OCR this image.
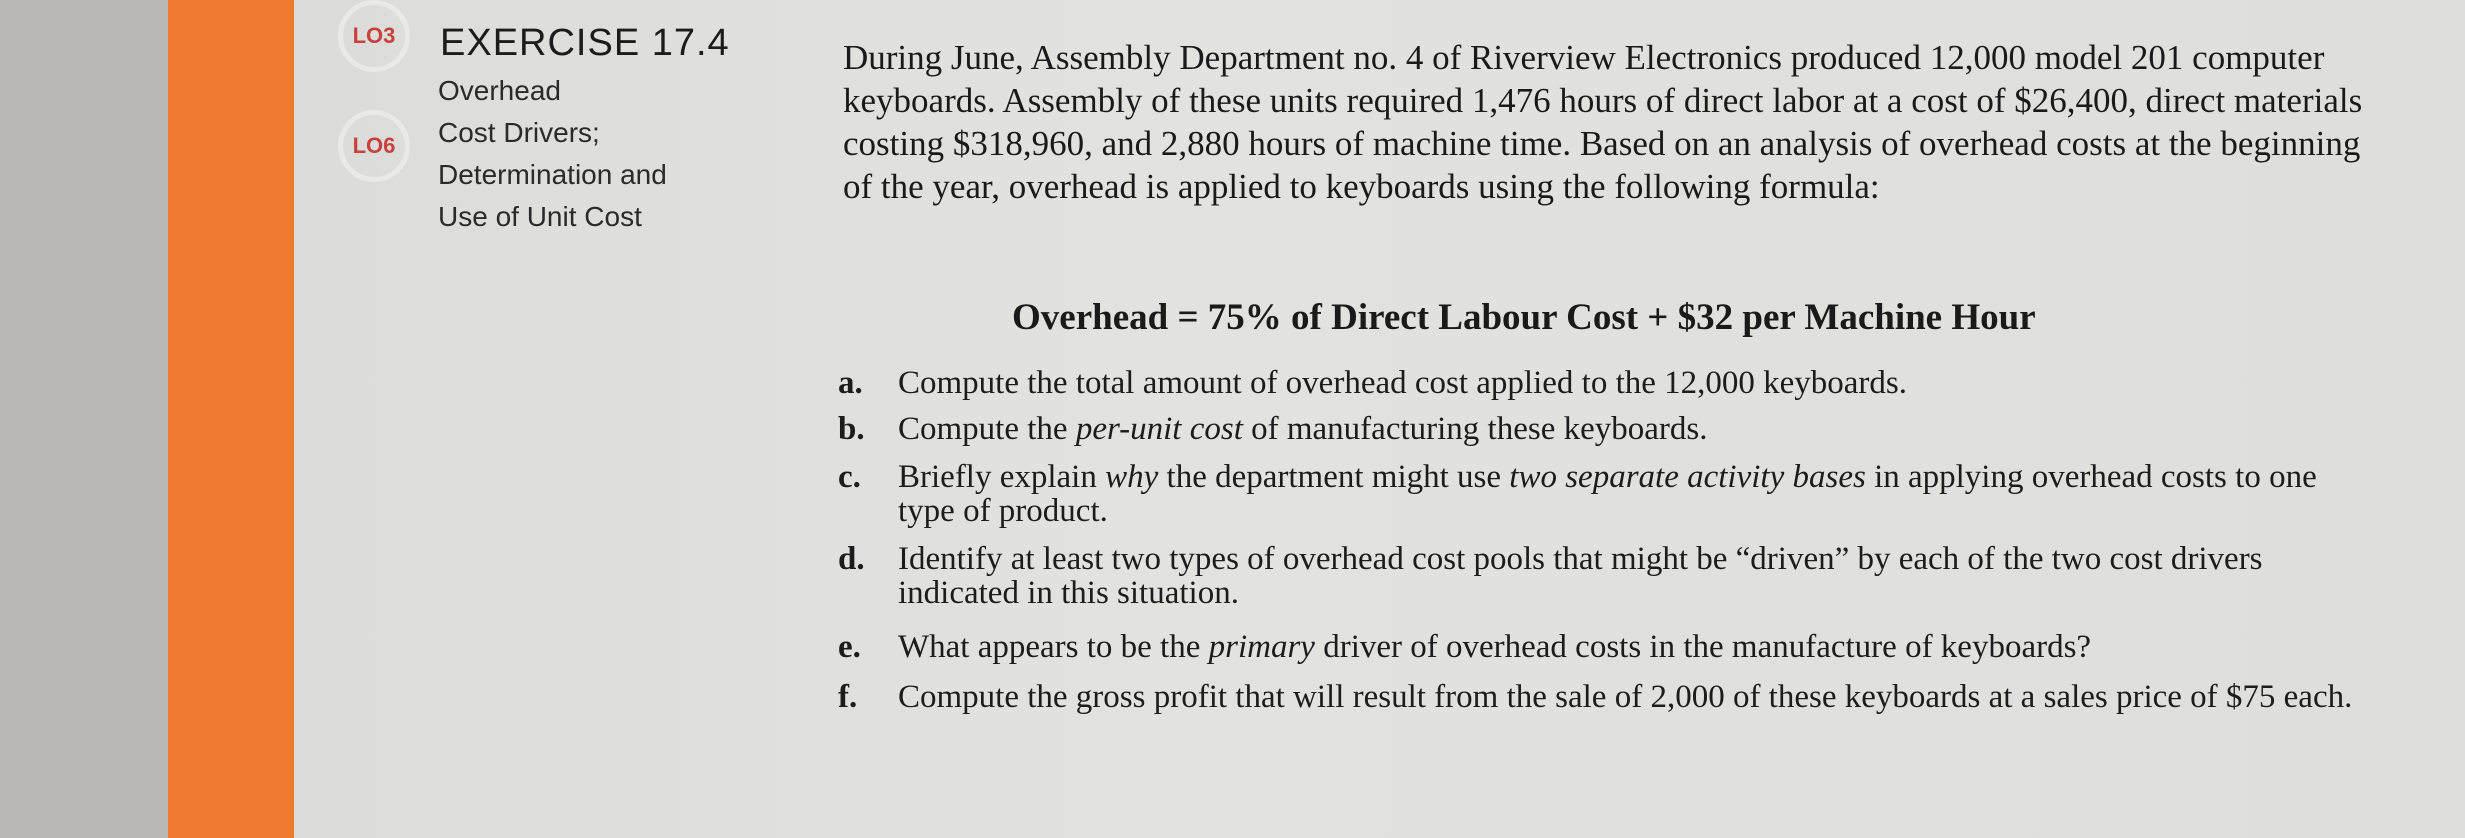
LO3
LO6
EXERCISE 17.4
Overhead
Cost Drivers;
Determination and
Use of Unit Cost
During June, Assembly Department no. 4 of Riverview Electronics produced 12,000 model 201 computer keyboards. Assembly of these units required 1,476 hours of direct labor at a cost of $26,400, direct materials costing $318,960, and 2,880 hours of machine time. Based on an analysis of overhead costs at the beginning of the year, overhead is applied to keyboards using the following formula:
Overhead = 75% of Direct Labour Cost + $32 per Machine Hour
a. Compute the total amount of overhead cost applied to the 12,000 keyboards.
b. Compute the per-unit cost of manufacturing these keyboards.
c. Briefly explain why the department might use two separate activity bases in applying overhead costs to one type of product.
d. Identify at least two types of overhead cost pools that might be “driven” by each of the two cost drivers indicated in this situation.
e. What appears to be the primary driver of overhead costs in the manufacture of keyboards?
f. Compute the gross profit that will result from the sale of 2,000 of these keyboards at a sales price of $75 each.
